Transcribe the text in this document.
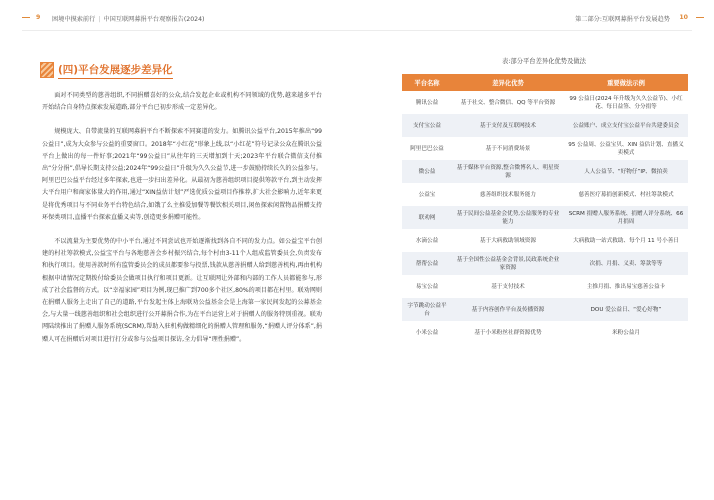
9 困境中摸索前行 | 中国互联网募捐平台观察报告(2024)	第二部分:互联网募捐平台发展趋势 10
(四)平台发展逐步差异化

面对不同类型的慈善组织,不同捐赠喜好的公众,结合发起企业或机构不同领域的优势,越来越多平台开始结合自身特点探索发展道路,部分平台已初步形成一定差异化。

规模庞大、自带流量的互联网募捐平台不断探索不同赛道的发力。如腾讯公益平台,2015年推出“99公益日”,成为大众参与公益的重要窗口。2018年“小红花”形象上线,以“小红花”符号记录公众在腾讯公益平台上做出的每一件好事;2021年“99公益日”从往年的三天增加到十天;2023年平台联合微信支付推出“分分捐”,倡导长期支持公益;2024年“99公益日”升级为久久公益节,进一步鼓励持续长久的公益参与。阿里巴巴公益平台经过多年探索,也进一步扫出差异化。从最初为慈善组织项目提供筹款平台,到主动发挥大平台用户和商家体量大的作用,通过“XIN益估计划”严选优质公益项目作推荐,扩大社会影响力,近年来更是将优秀项目与不同业务平台特色结合,如饿了么主推爱加餐等餐饮相关项目,闲鱼探索闲置物品捐赠支持环保类项目,直播平台探索直播义卖等,创造更多捐赠可能性。

不以流量为主要优势的中小平台,通过不同尝试也开始逐渐找到各自不同的发力点。如公益宝平台创建的村社筹款模式,公益宝平台与各地慈善会乡村振兴结合,每个村由3-11个人组成监管委员会,负责发布和执行项目。使用善款时所有监管委员会的成员都要参与投票,钱款从慈善捐赠人给到慈善机构,再由机构根据申请情况定期拨付给委员会做项目执行和项目更新。让互联网让外部和内部的工作人员都能参与,形成了社会监督的方式。以“幸福家园”项目为例,现已推广到700多个社区,80%的项目都在村里。联劝网则在捐赠人服务上走出了自己的道路,平台发起主体上海联劝公益基金会是上海第一家民间发起的公募基金会,与大量一线慈善组织和社会组织进行公开募捐合作,为在平台运营上对于捐赠人的服务特别重视。联劝网陆续推出了捐赠人服务系统(SCRM),帮助入驻机构做精细化的捐赠人管理和服务,“捐赠人评分体系”,捐赠人可在捐赠后对项目进行打分或参与公益项目探访,全力倡导“理性捐赠”。

表:部分平台差异化优势及做法
平台名称	差异化优势	重要做法示例
腾讯公益	基于社交、整合微信、QQ 等平台资源	99 公益日(2024 年升级为久久公益节)、小红花、每日益签、分分捐等
支付宝公益	基于支付及互联网技术	公益账户、成立支付宝公益平台共建委员会
阿里巴巴公益	基于不同消费场景	95 公益周、公益宝贝、XIN 益估计划、直播义卖模式
微公益	基于媒体平台资源,整合微博名人、明星资源	人人公益节、“好物仔”IP、微拍卖
公益宝	慈善组织技术服务能力	慈善医疗募捐创新模式、村社筹款模式
联劝网	基于民间公益基金会优势,公益服务的专业能力	SCRM 捐赠人服务系统、捐赠人评分系统、66 月捐周
水滴公益	基于大病救助领域资源	大病救助一站式救助、每个月 11 号小善日
帮帮公益	基于全国性公益基金会背景,民政系统企业家资源	次捐、月捐、义卖、筹款等等
易宝公益	基于支付技术	主推月捐、推出易宝慈善公益卡
字节跳动公益平台	基于内容创作平台及传播资源	DOU 爱公益日、“爱心好物”
小米公益	基于小米粉丝社群资源优势	米粉公益月
